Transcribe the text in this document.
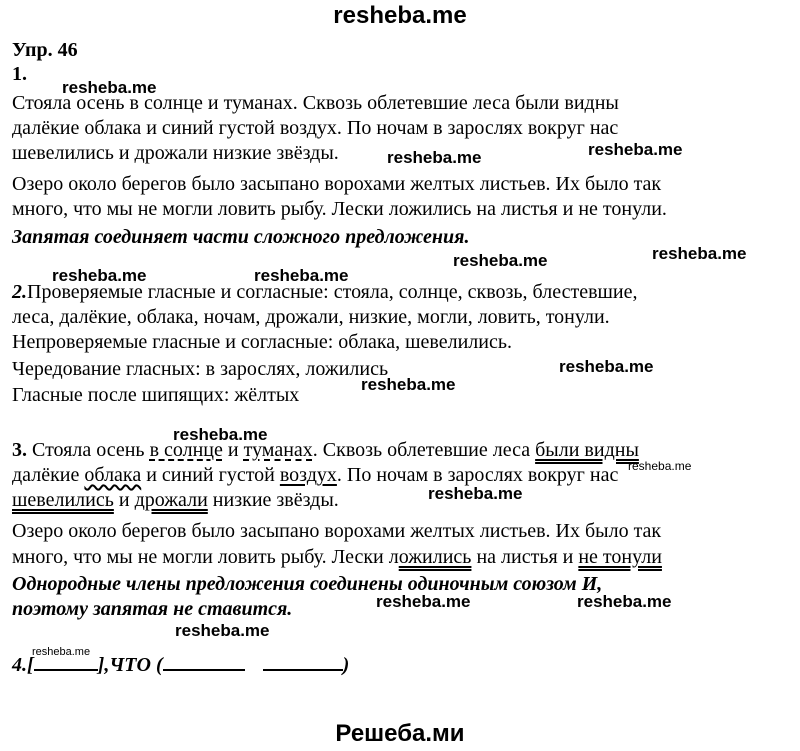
resheba.me
resheba.me
resheba.me	resheba.me
resheba.me
resheba.me	resheba.me
resheba.me
resheba.me
resheba.me
resheba.me
resheba.me
resheba.me
resheba.me	resheba.me
resheba.me
resheba.me
Упр. 46
1.
Стояла осень в солнце и туманах. Сквозь облетевшие леса были видны
далёкие облака и синий густой воздух. По ночам в зарослях вокруг нас
шевелились и дрожали низкие звёзды.
Озеро около берегов было засыпано ворохами желтых листьев. Их было так
много, что мы не могли ловить рыбу. Лески ложились на листья и не тонули.
Запятая соединяет части сложного предложения.
2.Проверяемые гласные и согласные: стояла, солнце, сквозь, блестевшие,
леса, далёкие, облака, ночам, дрожали, низкие, могли, ловить, тонули.
Непроверяемые гласные и согласные: облака, шевелились.
Чередование гласных: в зарослях, ложились
Гласные после шипящих: жёлтых
3. Стояла осень в солнце и туманах. Сквозь облетевшие леса были видны
далёкие облака и синий густой воздух. По ночам в зарослях вокруг нас
шевелились и дрожали низкие звёзды.
Озеро около берегов было засыпано ворохами желтых листьев. Их было так
много, что мы не могли ловить рыбу. Лески ложились на листья и не тонули
Однородные члены предложения соединены одиночным союзом И,
поэтому запятая не ставится.
4.[	],ЧТО (	)
Решеба.ми
